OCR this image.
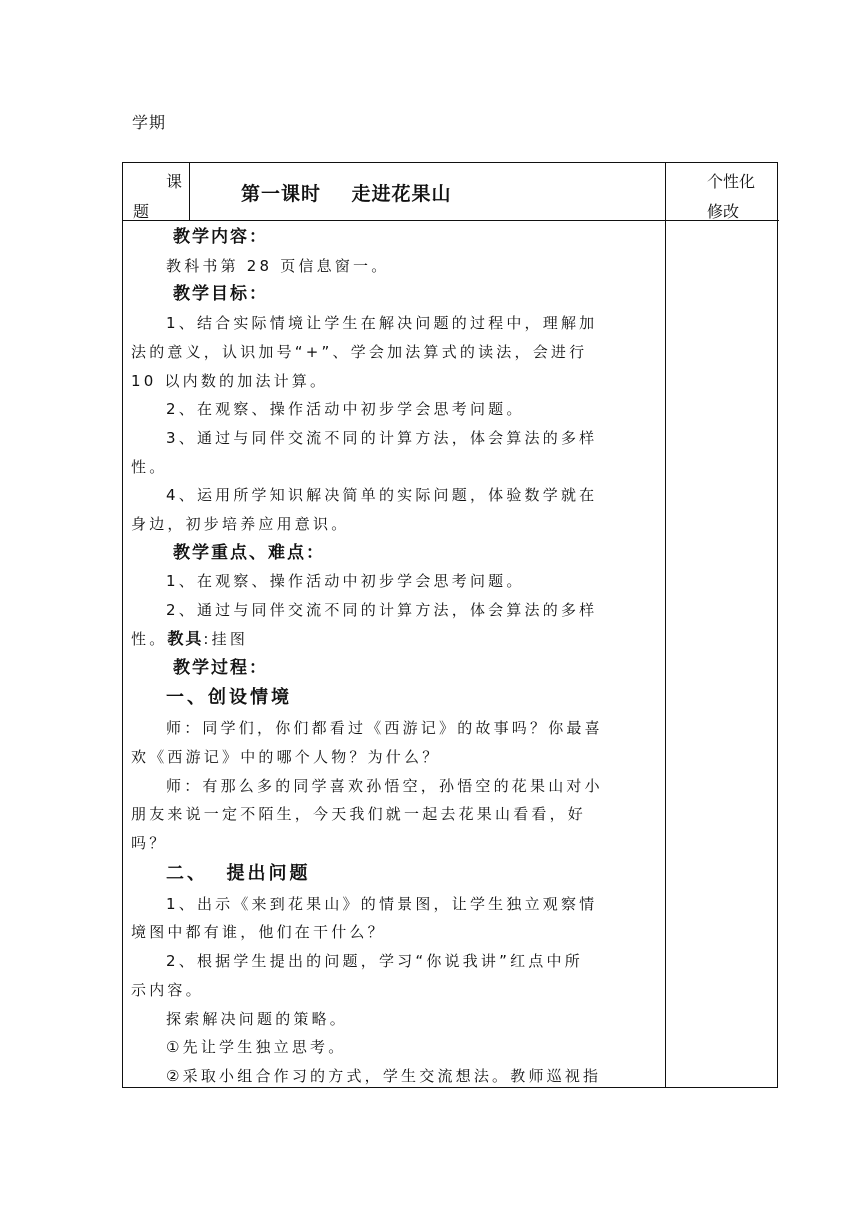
学期
课
题
第一课时    走进花果山
个性化
修改

教学内容：

教科书第 28 页信息窗一。

教学目标：

1、结合实际情境让学生在解决问题的过程中，理解加

法的意义，认识加号“+”、学会加法算式的读法，会进行

10 以内数的加法计算。

2、在观察、操作活动中初步学会思考问题。

3、通过与同伴交流不同的计算方法，体会算法的多样

性。

4、运用所学知识解决简单的实际问题，体验数学就在

身边，初步培养应用意识。

教学重点、难点：

1、在观察、操作活动中初步学会思考问题。

2、通过与同伴交流不同的计算方法，体会算法的多样

性。教具:挂图

教学过程：

一、创设情境

师：同学们，你们都看过《西游记》的故事吗？你最喜

欢《西游记》中的哪个人物？为什么？

师：有那么多的同学喜欢孙悟空，孙悟空的花果山对小

朋友来说一定不陌生，今天我们就一起去花果山看看，好

吗？

二、  提出问题

1、出示《来到花果山》的情景图，让学生独立观察情

境图中都有谁，他们在干什么？

2、根据学生提出的问题，学习“你说我讲”红点中所

示内容。

探索解决问题的策略。

①先让学生独立思考。

②采取小组合作习的方式，学生交流想法。教师巡视指
